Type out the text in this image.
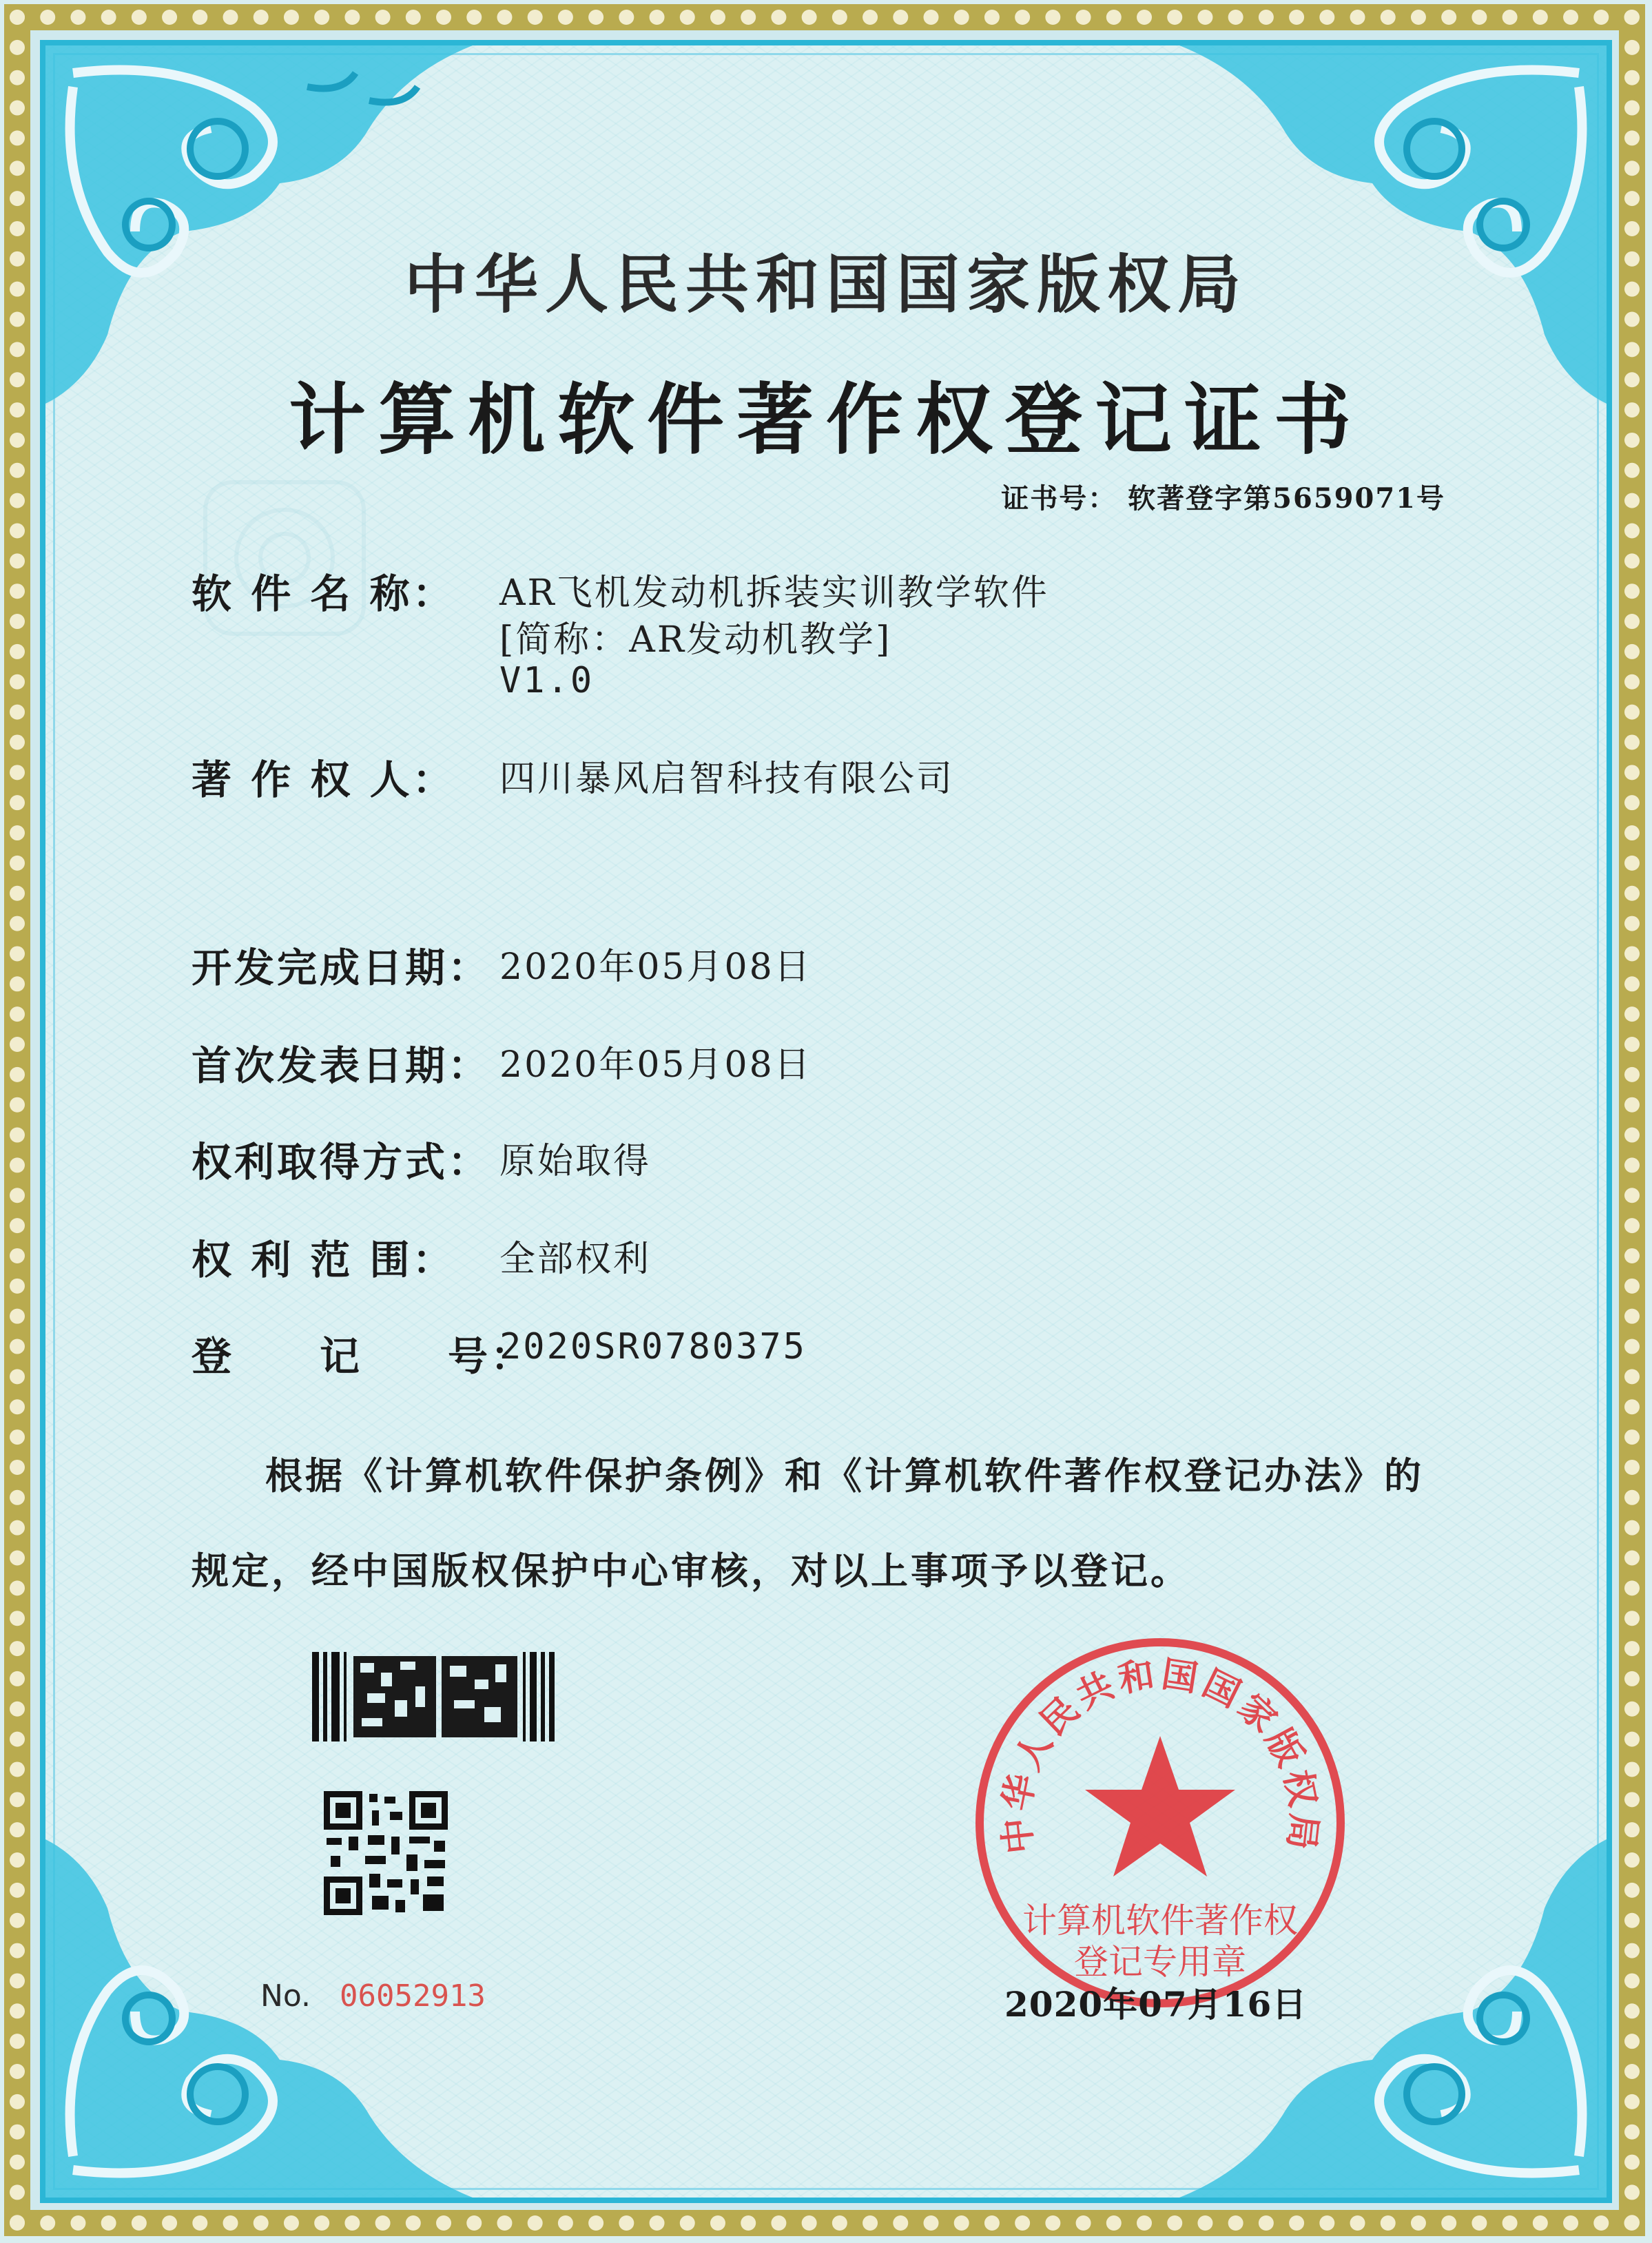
中华人民共和国国家版权局
计算机软件著作权登记证书
证书号： 软著登字第5659071号
软 件 名 称： AR飞机发动机拆装实训教学软件
[简称：AR发动机教学]
V1.0
著 作 权 人： 四川暴风启智科技有限公司
开发完成日期： 2020年05月08日
首次发表日期： 2020年05月08日
权利取得方式： 原始取得
权 利 范 围： 全部权利
登　　记　　号：
2020SR0780375
根据《计算机软件保护条例》和《计算机软件著作权登记办法》的
规定，经中国版权保护中心审核，对以上事项予以登记。
No. 06052913
中华人民共和国国家版权局
计算机软件著作权
登记专用章
2020年07月16日
